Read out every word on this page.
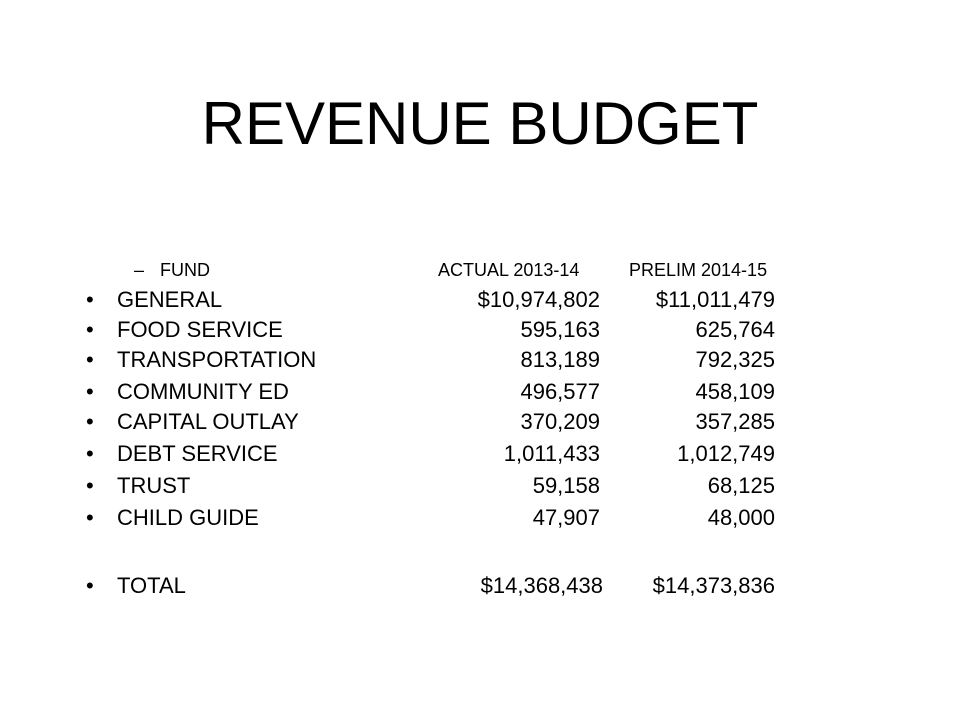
REVENUE BUDGET
– FUND	ACTUAL 2013-14	PRELIM 2014-15
• GENERAL	$10,974,802	$11,011,479
• FOOD SERVICE	595,163	625,764
• TRANSPORTATION	813,189	792,325
• COMMUNITY ED	496,577	458,109
• CAPITAL OUTLAY	370,209	357,285
• DEBT SERVICE	1,011,433	1,012,749
• TRUST	59,158	68,125
• CHILD GUIDE	47,907	48,000
• TOTAL	$14,368,438 $14,373,836
